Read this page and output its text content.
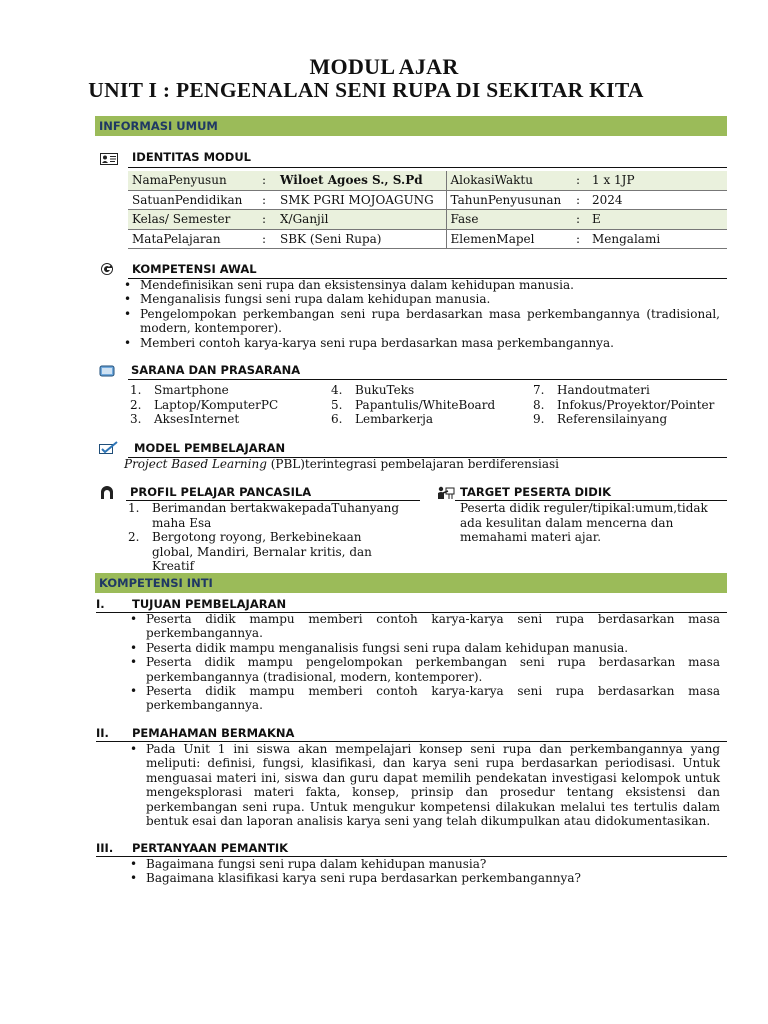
MODUL AJAR
UNIT I : PENGENALAN SENI RUPA DI SEKITAR KITA
INFORMASI UMUM
IDENTITAS MODUL
NamaPenyusun	:	Wiloet Agoes S., S.Pd	AlokasiWaktu	:	1 x 1JP
SatuanPendidikan	:	SMK PGRI MOJOAGUNG	TahunPenyusunan	:	2024
Kelas/ Semester	:	X/Ganjil	Fase	:	E
MataPelajaran	:	SBK (Seni Rupa)	ElemenMapel	:	Mengalami
KOMPETENSI AWAL
• Mendefinisikan seni rupa dan eksistensinya dalam kehidupan manusia.
• Menganalisis fungsi seni rupa dalam kehidupan manusia.
• Pengelompokan perkembangan seni rupa berdasarkan masa perkembangannya (tradisional, modern, kontemporer).
• Memberi contoh karya-karya seni rupa berdasarkan masa perkembangannya.
SARANA DAN PRASARANA
1. Smartphone
2. Laptop/KomputerPC
3. AksesInternet
4. BukuTeks
5. Papantulis/WhiteBoard
6. Lembarkerja
7. Handoutmateri
8. Infokus/Proyektor/Pointer
9. Referensilainyang
MODEL PEMBELAJARAN
Project Based Learning (PBL)terintegrasi pembelajaran berdiferensiasi
PROFIL PELAJAR PANCASILA
1. Berimandan bertakwakepadaTuhanyang maha Esa
2. Bergotong royong, Berkebinekaan global, Mandiri, Bernalar kritis, dan Kreatif
TARGET PESERTA DIDIK
Peserta didik reguler/tipikal:umum,tidak ada kesulitan dalam mencerna dan memahami materi ajar.
KOMPETENSI INTI
I. TUJUAN PEMBELAJARAN
• Peserta didik mampu memberi contoh karya-karya seni rupa berdasarkan masa perkembangannya.
• Peserta didik mampu menganalisis fungsi seni rupa dalam kehidupan manusia.
• Peserta didik mampu pengelompokan perkembangan seni rupa berdasarkan masa perkembangannya (tradisional, modern, kontemporer).
• Peserta didik mampu memberi contoh karya-karya seni rupa berdasarkan masa perkembangannya.
II. PEMAHAMAN BERMAKNA
• Pada Unit 1 ini siswa akan mempelajari konsep seni rupa dan perkembangannya yang meliputi: definisi, fungsi, klasifikasi, dan karya seni rupa berdasarkan periodisasi. Untuk menguasai materi ini, siswa dan guru dapat memilih pendekatan investigasi kelompok untuk mengeksplorasi materi fakta, konsep, prinsip dan prosedur tentang eksistensi dan perkembangan seni rupa. Untuk mengukur kompetensi dilakukan melalui tes tertulis dalam bentuk esai dan laporan analisis karya seni yang telah dikumpulkan atau didokumentasikan.
III. PERTANYAAN PEMANTIK
• Bagaimana fungsi seni rupa dalam kehidupan manusia?
• Bagaimana klasifikasi karya seni rupa berdasarkan perkembangannya?
